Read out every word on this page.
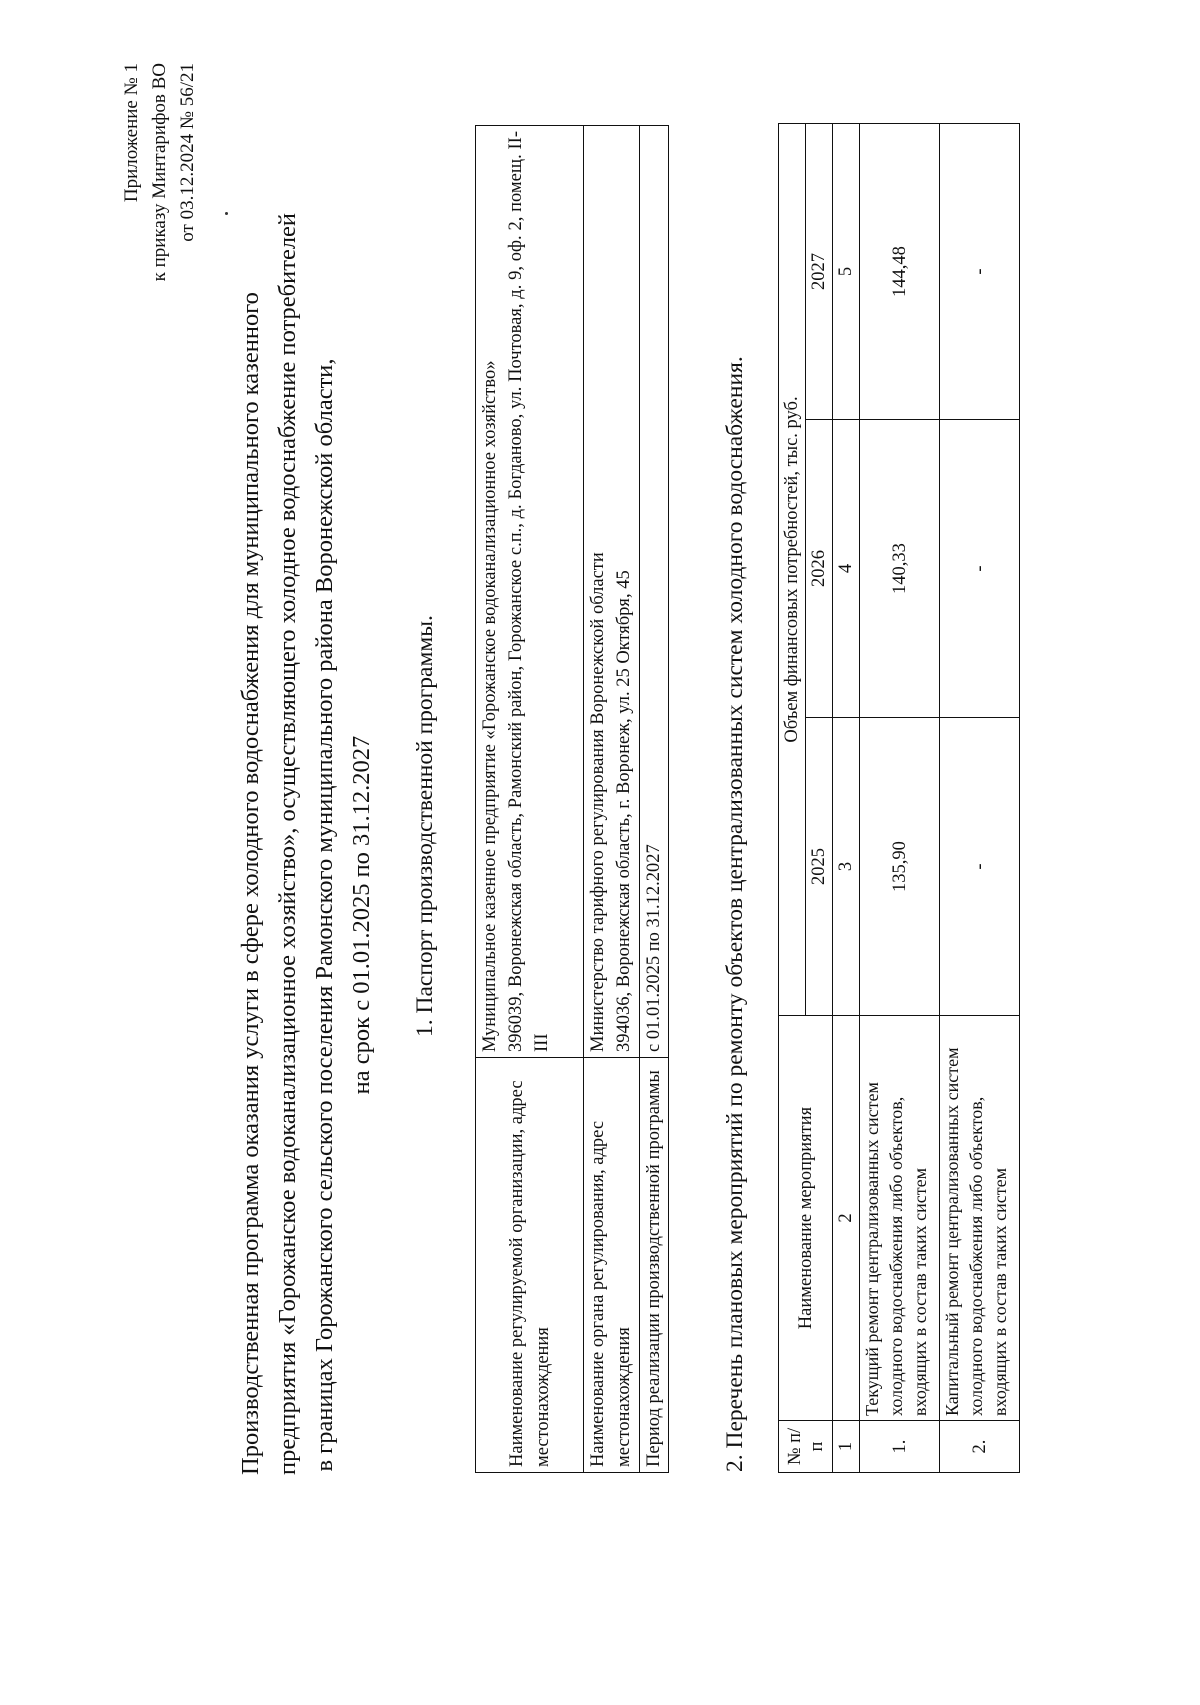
Приложение № 1 к приказу Минтарифов ВО от 03.12.2024 № 56/21
Производственная программа оказания услуги в сфере холодного водоснабжения для муниципального казенного предприятия «Горожанское водоканализационное хозяйство», осуществляющего холодное водоснабжение потребителей в границах Горожанского сельского поселения Рамонского муниципального района Воронежской области, на срок с 01.01.2025 по 31.12.2027 1. Паспорт производственной программы.
Наименование регулируемой организации, адрес местонахождения	Муниципальное казенное предприятие «Горожанское водоканализационное хозяйство» 396039, Воронежская область, Рамонский район, Горожанское с.п., д. Богданово, ул. Почтовая, д. 9, оф. 2, помещ. II-III

Наименование органа регулирования, адрес местонахождения	Министерство тарифного регулирования Воронежской области 394036, Воронежская область, г. Воронеж, ул. 25 Октября, 45

Период реализации производственной программы	с 01.01.2025 по 31.12.2027 2. Перечень плановых мероприятий по ремонту объектов централизованных систем холодного водоснабжения. № п/п	Наименование мероприятия	Объем финансовых потребностей, тыс. руб.		
		2025	2026	2027
1	2	3	4	5
1.	Текущий ремонт централизованных систем холодного водоснабжения либо объектов, входящих в состав таких систем	135,90	140,33	144,48
2.	Капитальный ремонт централизованных систем холодного водоснабжения либо объектов, входящих в состав таких систем	-	-	-
